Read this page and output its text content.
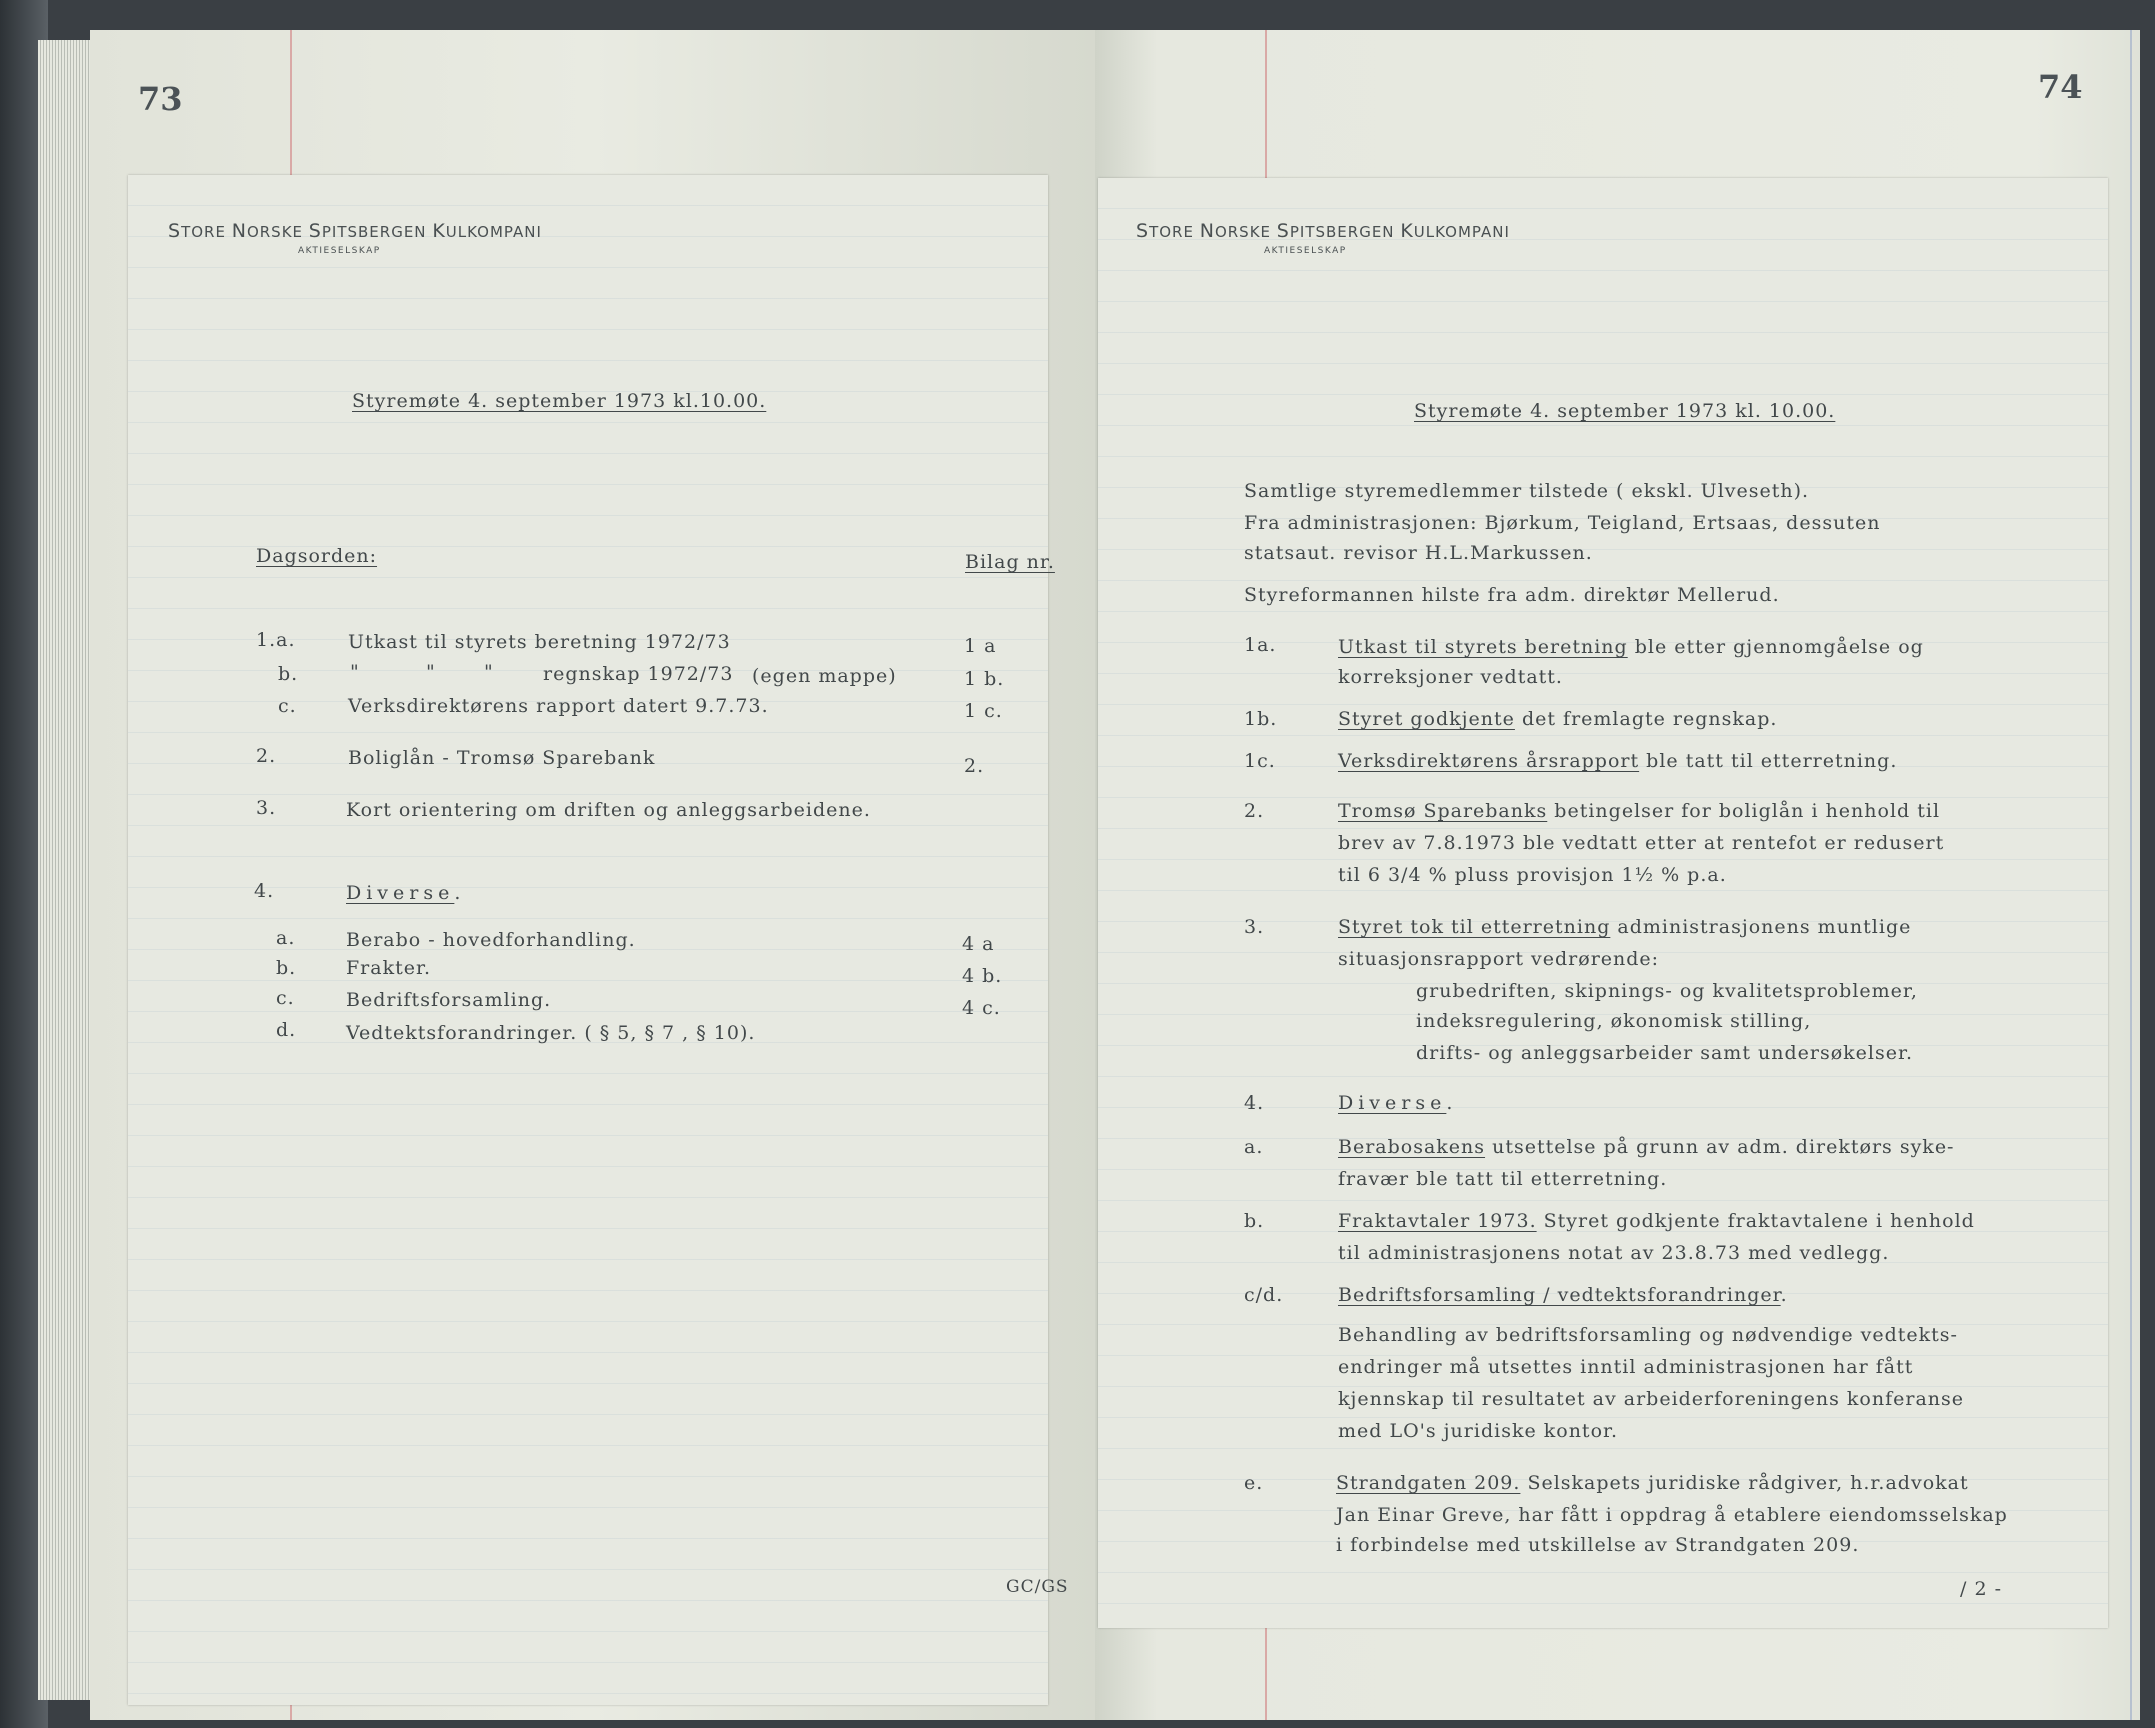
73	74
STORE NORSKE SPITSBERGEN KULKOMPANI
AKTIESELSKAP
Styremøte 4. september 1973 kl.10.00.
Dagsorden:	Bilag nr.
1.a.	Utkast til styrets beretning 1972/73	1 a
b.	"	"	"	regnskap 1972/73 (egen mappe)	1 b.
c.	Verksdirektørens rapport datert 9.7.73.	1 c.
2.	Boliglån - Tromsø Sparebank	2.
3.	Kort orientering om driften og anleggsarbeidene.
4.	Diverse.
a.	Berabo - hovedforhandling.	4 a
b.	Frakter.	4 b.
c.	Bedriftsforsamling.	4 c.
d.	Vedtektsforandringer. ( § 5, § 7 , § 10).
GC/GS
STORE NORSKE SPITSBERGEN KULKOMPANI
AKTIESELSKAP
Styremøte 4. september 1973 kl. 10.00.
Samtlige styremedlemmer tilstede ( ekskl. Ulveseth).
Fra administrasjonen: Bjørkum, Teigland, Ertsaas, dessuten
statsaut. revisor H.L.Markussen.
Styreformannen hilste fra adm. direktør Mellerud.
1a.	Utkast til styrets beretning ble etter gjennomgåelse og
korreksjoner vedtatt.
1b.	Styret godkjente det fremlagte regnskap.
1c.	Verksdirektørens årsrapport ble tatt til etterretning.
2.	Tromsø Sparebanks betingelser for boliglån i henhold til
brev av 7.8.1973 ble vedtatt etter at rentefot er redusert
til 6 3/4 % pluss provisjon 1½ % p.a.
3.	Styret tok til etterretning administrasjonens muntlige
situasjonsrapport vedrørende:
grubedriften, skipnings- og kvalitetsproblemer,
indeksregulering, økonomisk stilling,
drifts- og anleggsarbeider samt undersøkelser.
4.	Diverse.
a.	Berabosakens utsettelse på grunn av adm. direktørs syke-
fravær ble tatt til etterretning.
b.	Fraktavtaler 1973. Styret godkjente fraktavtalene i henhold
til administrasjonens notat av 23.8.73 med vedlegg.
c/d.	Bedriftsforsamling / vedtektsforandringer.
Behandling av bedriftsforsamling og nødvendige vedtekts-
endringer må utsettes inntil administrasjonen har fått
kjennskap til resultatet av arbeiderforeningens konferanse
med LO's juridiske kontor.
e.	Strandgaten 209. Selskapets juridiske rådgiver, h.r.advokat
Jan Einar Greve, har fått i oppdrag å etablere eiendomsselskap
i forbindelse med utskillelse av Strandgaten 209.
/ 2 -
